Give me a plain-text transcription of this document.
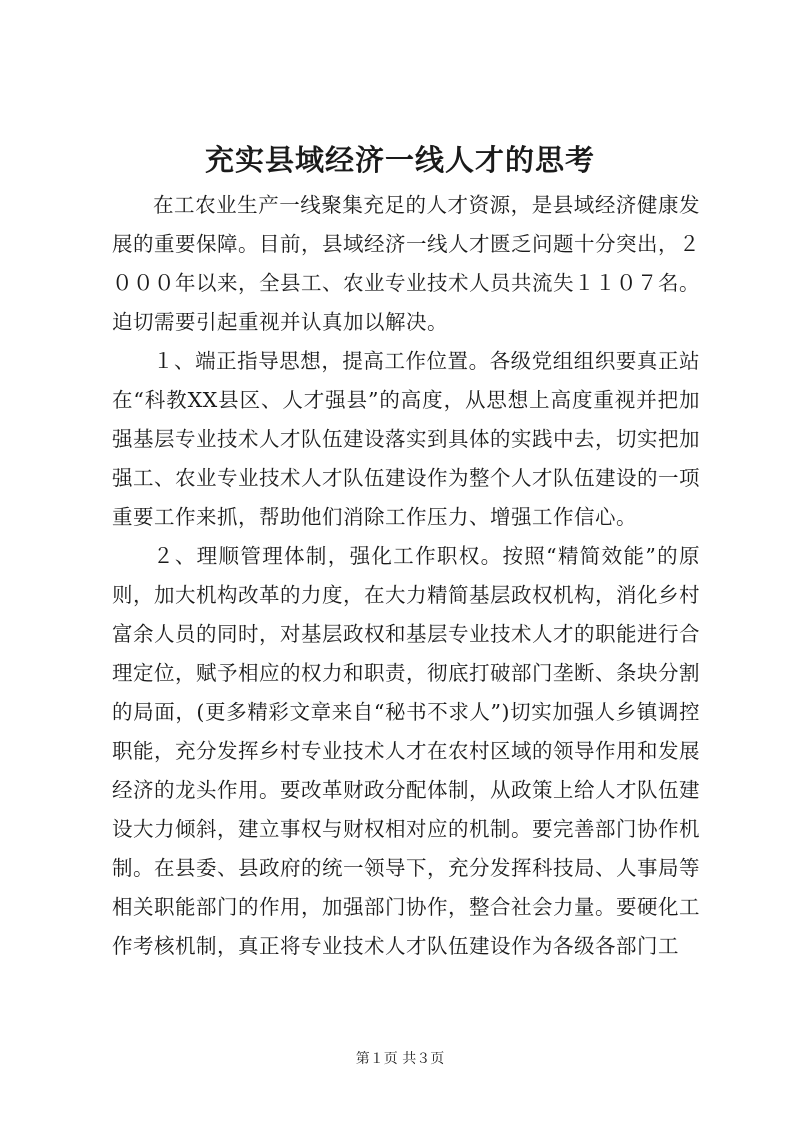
充实县域经济一线人才的思考

在工农业生产一线聚集充足的人才资源，是县域经济健康发展的重要保障。目前，县域经济一线人才匮乏问题十分突出，２０００年以来，全县工、农业专业技术人员共流失１１０７名。迫切需要引起重视并认真加以解决。

１、端正指导思想，提高工作位置。各级党组组织要真正站在“科教XX县区、人才强县”的高度，从思想上高度重视并把加强基层专业技术人才队伍建设落实到具体的实践中去，切实把加强工、农业专业技术人才队伍建设作为整个人才队伍建设的一项重要工作来抓，帮助他们消除工作压力、增强工作信心。

２、理顺管理体制，强化工作职权。按照“精简效能”的原则，加大机构改革的力度，在大力精简基层政权机构，消化乡村富余人员的同时，对基层政权和基层专业技术人才的职能进行合理定位，赋予相应的权力和职责，彻底打破部门垄断、条块分割的局面，(更多精彩文章来自“秘书不求人”)切实加强人乡镇调控职能，充分发挥乡村专业技术人才在农村区域的领导作用和发展经济的龙头作用。要改革财政分配体制，从政策上给人才队伍建设大力倾斜，建立事权与财权相对应的机制。要完善部门协作机制。在县委、县政府的统一领导下，充分发挥科技局、人事局等相关职能部门的作用，加强部门协作，整合社会力量。要硬化工作考核机制，真正将专业技术人才队伍建设作为各级各部门工

第１页 共３页
